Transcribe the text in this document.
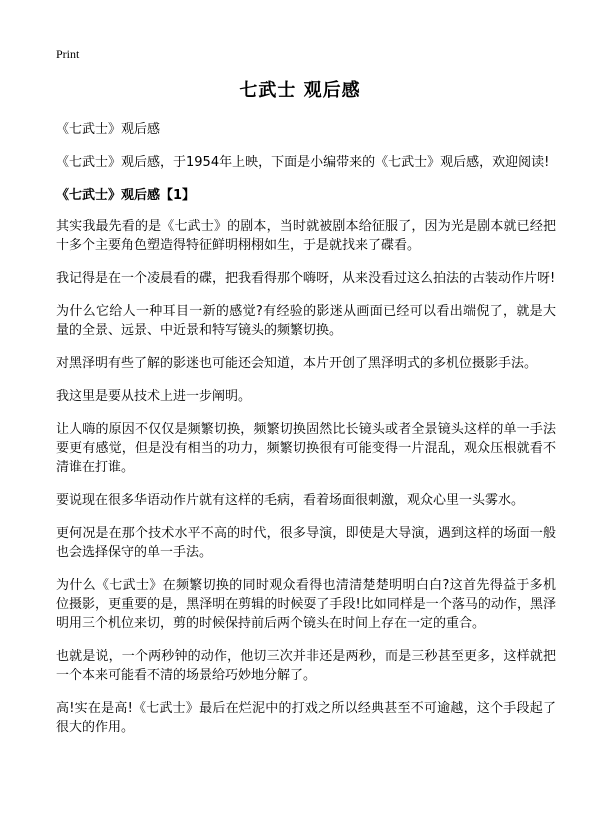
Print
七武士 观后感

《七武士》观后感

《七武士》观后感，于1954年上映，下面是小编带来的《七武士》观后感，欢迎阅读!

《七武士》观后感【1】

其实我最先看的是《七武士》的剧本，当时就被剧本给征服了，因为光是剧本就已经把十多个主要角色塑造得特征鲜明栩栩如生，于是就找来了碟看。

我记得是在一个凌晨看的碟，把我看得那个嗨呀，从来没看过这么拍法的古装动作片呀!

为什么它给人一种耳目一新的感觉?有经验的影迷从画面已经可以看出端倪了，就是大量的全景、远景、中近景和特写镜头的频繁切换。

对黑泽明有些了解的影迷也可能还会知道，本片开创了黑泽明式的多机位摄影手法。

我这里是要从技术上进一步阐明。

让人嗨的原因不仅仅是频繁切换，频繁切换固然比长镜头或者全景镜头这样的单一手法要更有感觉，但是没有相当的功力，频繁切换很有可能变得一片混乱，观众压根就看不清谁在打谁。

要说现在很多华语动作片就有这样的毛病，看着场面很刺激，观众心里一头雾水。

更何况是在那个技术水平不高的时代，很多导演，即使是大导演，遇到这样的场面一般也会选择保守的单一手法。

为什么《七武士》在频繁切换的同时观众看得也清清楚楚明明白白?这首先得益于多机位摄影，更重要的是，黑泽明在剪辑的时候耍了手段!比如同样是一个落马的动作，黑泽明用三个机位来切，剪的时候保持前后两个镜头在时间上存在一定的重合。

也就是说，一个两秒钟的动作，他切三次并非还是两秒，而是三秒甚至更多，这样就把一个本来可能看不清的场景给巧妙地分解了。

高!实在是高!《七武士》最后在烂泥中的打戏之所以经典甚至不可逾越，这个手段起了很大的作用。
